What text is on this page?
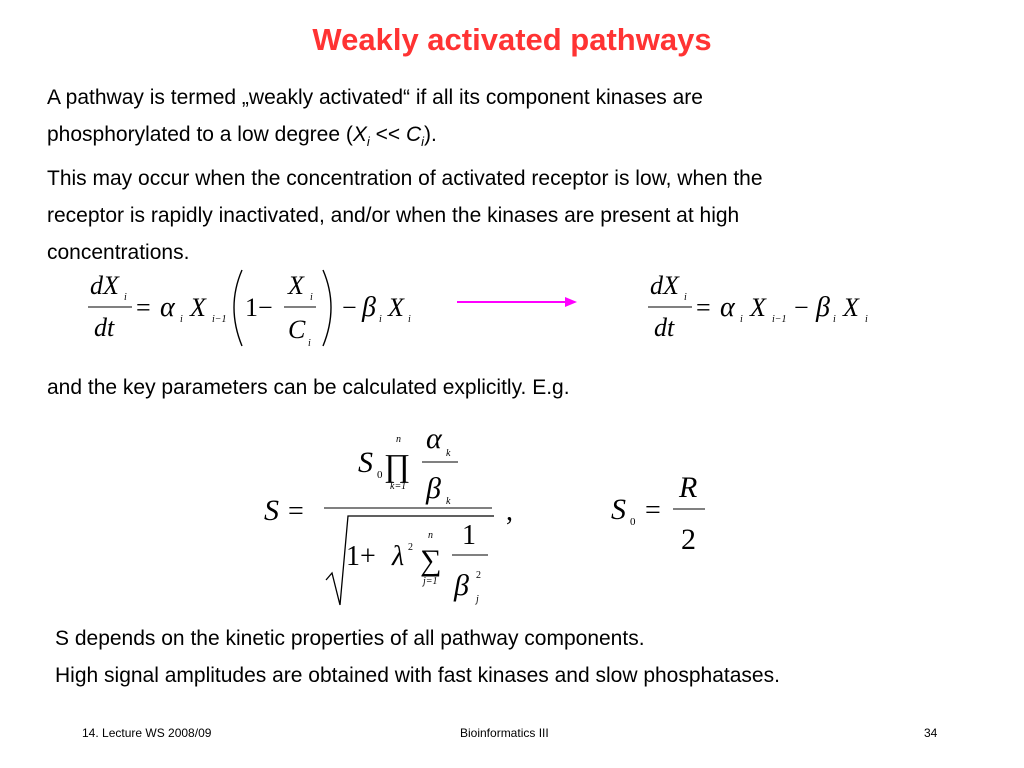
Weakly activated pathways

A pathway is termed „weakly activated“ if all its component kinases are

phosphorylated to a low degree $(X_i << C_i)$.

This may occur when the concentration of activated receptor is low, when the

receptor is rapidly inactivated, and/or when the kinases are present at high

concentrations.

dX i
dt
= α i X i−1 1−
X i
C i
− β i X i
dX i
dt
= α i X i−1 − β i X i
and the key parameters can be calculated explicitly. E.g.
S =
S 0
n
∏
k=1
α k
β k
1+ λ 2
n
∑
j=1
1
β 2
j
,	S 0 =
R
2

S depends on the kinetic properties of all pathway components.

High signal amplitudes are obtained with fast kinases and slow phosphatases.

14. Lecture WS 2008/09	Bioinformatics III	34
